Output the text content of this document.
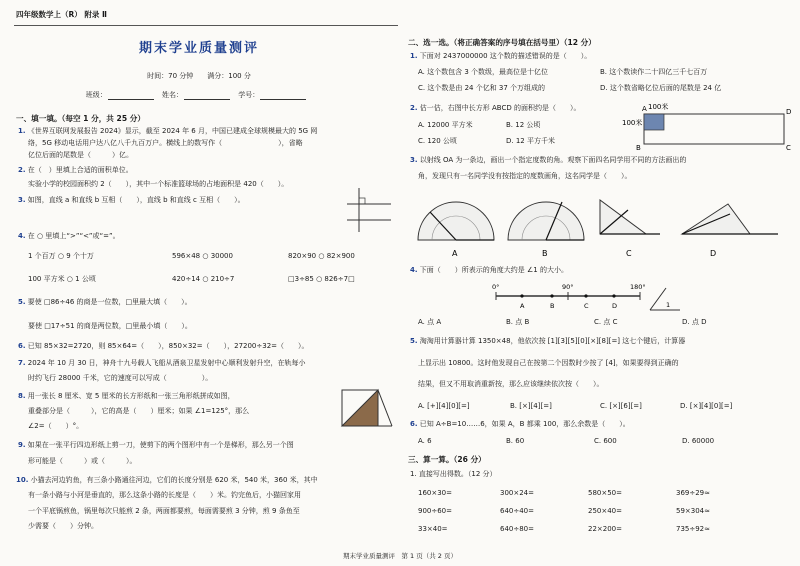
四年级数学上（R） 附录 Ⅱ
期末学业质量测评
时间：70 分钟　　满分：100 分
班级：	姓名：	学号：
一、填一填。（每空 1 分，共 25 分）
1. 《世界互联网发展报告 2024》显示，截至 2024 年 6 月，中国已建成全球规模最大的 5G 网
络，5G 移动电话用户达八亿八千九百万户。横线上的数写作（　　　　　　　　），省略
亿位后面的尾数是（　　　）亿。
2. 在（　）里填上合适的面积单位。
实验小学的校园面积约 2（　　），其中一个标准篮球场的占地面积是 420（　　）。
3. 如图，直线 a 和直线 b 互相（　　），直线 b 和直线 c 互相（　　）。
4. 在 ○ 里填上“>”“<”或“=”。
1 个百万 ○ 9 个十万	596×48 ○ 30000	820×90 ○ 82×900
100 平方米 ○ 1 公顷	420÷14 ○ 210÷7	□3÷85 ○ 826÷7□
5. 要使 □86÷46 的商是一位数，□里最大填（　　）。
要使 □17÷51 的商是两位数，□里最小填（　　）。
6. 已知 85×32=2720，则 85×64=（　　），850×32=（　　），27200÷32=（　　）。
7. 2024 年 10 月 30 日，神舟十九号载人飞船从酒泉卫星发射中心顺利发射升空，在轨每小
时约飞行 28000 千米，它的速度可以写成（　　　　　）。
8. 用一张长 8 厘米、宽 5 厘米的长方形纸和一张三角形纸拼成如图，
重叠部分是（　　　），它的高是（　　）厘米；如果 ∠1=125°，那么
∠2=（　　）°。
9. 如果在一张平行四边形纸上剪一刀，使剪下的两个图形中有一个是梯形，那么另一个图
形可能是（　　　）或（　　　）。
10. 小猫去河边钓鱼，有三条小路通往河边，它们的长度分别是 620 米，540 米，360 米，其中
有一条小路与小河是垂直的，那么这条小路的长度是（　　）米。钓完鱼后，小猫回家用
一个平底锅煎鱼，锅里每次只能煎 2 条，两面都要煎，每面需要煎 3 分钟，煎 9 条鱼至
少需要（　　）分钟。
二、选一选。（将正确答案的序号填在括号里）（12 分）
1. 下面对 2437000000 这个数的描述错误的是（　　）。
A. 这个数包含 3 个数级，最高位是十亿位	B. 这个数读作二十四亿三千七百万
C. 这个数是由 24 个亿和 37 个万组成的	D. 这个数省略亿位后面的尾数是 24 亿
2. 估一估，右图中长方形 ABCD 的面积约是（　　）。
A. 12000 平方米	B. 12 公顷
C. 120 公顷	D. 12 平方千米
A 100米
D
100米
B	C
3. 以射线 OA 为一条边，画出一个指定度数的角。观察下面四名同学用不同的方法画出的
角，发现只有一名同学没有按指定的度数画角，这名同学是（　　）。
A	B	C	D
4. 下面（　　）所表示的角度大约是 ∠1 的大小。
0°	90°	180°
A	B	C	D	1
A. 点 A	B. 点 B	C. 点 C	D. 点 D
5. 淘淘用计算器计算 1350×48，他依次按 [1][3][5][0][×][8][=] 这七个键后，计算器
上显示出 10800。这时他发现自己在按第二个因数时少按了 [4]，如果要得到正确的
结果，但又不用取消重新按，那么应该继续依次按（　　）。
A. [+][4][0][=]	B. [×][4][=]	C. [×][6][=]	D. [×][4][0][=]
6. 已知 A÷B=10……6，如果 A，B 都乘 100，那么余数是（　　）。
A. 6	B. 60	C. 600	D. 60000
三、算一算。（26 分）
1. 直接写出得数。（12 分）
160×30=	300×24=	580×50=	369÷29≈
900÷60=	640÷40=	250×40=	59×304≈
33×40=	640÷80=	22×200=	735÷92≈
期末学业质量测评　第 1 页（共 2 页）
